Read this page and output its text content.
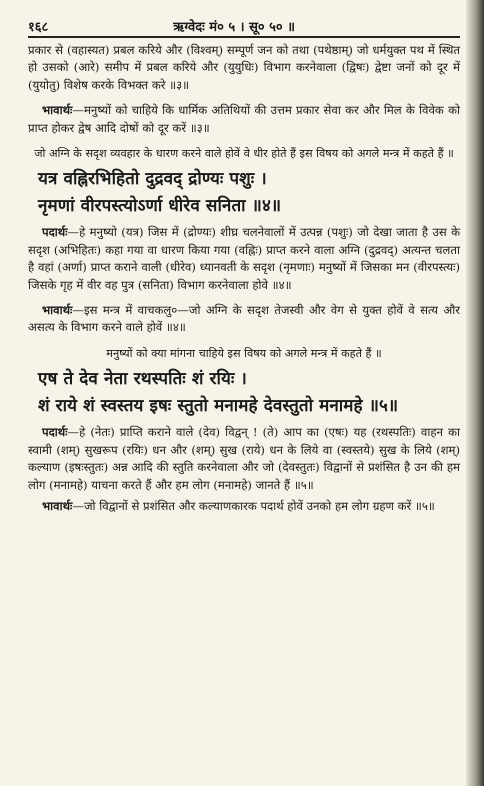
१६८	ऋग्वेदः मं० ५ । सू० ५० ॥

प्रकार से (वहास्यत) प्रबल करिये और (विश्वम्) सम्पूर्ण जन को तथा (पथेष्ठाम्) जो धर्मयुक्त पथ में स्थित हो उसको (आरे) समीप में प्रबल करिये और (युयुधिः) विभाग करनेवाला (द्विषः) द्वेष्टा जनों को दूर में (युयोतु) विशेष करके विभक्त करे ॥३॥

भावार्थः—मनुष्यों को चाहिये कि धार्मिक अतिथियों की उत्तम प्रकार सेवा कर और मिल के विवेक को प्राप्त होकर द्वेष आदि दोषों को दूर करें ॥३॥

जो अग्नि के सदृश व्यवहार के धारण करने वाले होवें वे धीर होते हैं इस विषय को अगले मन्त्र में कहते हैं ॥

यत्र वह्निरभिहितो दुद्रवद् द्रोण्यः पशुः ।
नृमणां वीरपस्त्योऽर्णा धीरेव सनिता ॥४॥

पदार्थः—हे मनुष्यो (यत्र) जिस में (द्रोण्यः) शीघ्र चलनेवालों में उत्पन्न (पशुः) जो देखा जाता है उस के सदृश (अभिहितः) कहा गया वा धारण किया गया (वह्निः) प्राप्त करने वाला अग्नि (दुद्रवद्) अत्यन्त चलता है वहां (अर्णा) प्राप्त कराने वाली (धीरेव) ध्यानवती के सदृश (नृमणाः) मनुष्यों में जिसका मन (वीरपस्त्यः) जिसके गृह में वीर वह पुत्र (सनिता) विभाग करनेवाला होवे ॥४॥

भावार्थः—इस मन्त्र में वाचकलु०—जो अग्नि के सदृश तेजस्वी और वेग से युक्त होवें वे सत्य और असत्य के विभाग करने वाले होवें ॥४॥

मनुष्यों को क्या मांगना चाहिये इस विषय को अगले मन्त्र में कहते हैं ॥

एष ते देव नेता रथस्पतिः शं रयिः ।
शं राये शं स्वस्तय इषः स्तुतो मनामहे देवस्तुतो मनामहे ॥५॥

पदार्थः—हे (नेतः) प्राप्ति कराने वाले (देव) विद्वन् ! (ते) आप का (एषः) यह (रथस्पतिः) वाहन का स्वामी (शम्) सुखरूप (रयिः) धन और (शम्) सुख (राये) धन के लिये वा (स्वस्तये) सुख के लिये (शम्) कल्याण (इषःस्तुतः) अन्न आदि की स्तुति करनेवाला और जो (देवस्तुतः) विद्वानों से प्रशंसित है उन की हम लोग (मनामहे) याचना करते हैं और हम लोग (मनामहे) जानते हैं ॥५॥

भावार्थः—जो विद्वानों से प्रशंसित और कल्याणकारक पदार्थ होवें उनको हम लोग ग्रहण करें ॥५॥
